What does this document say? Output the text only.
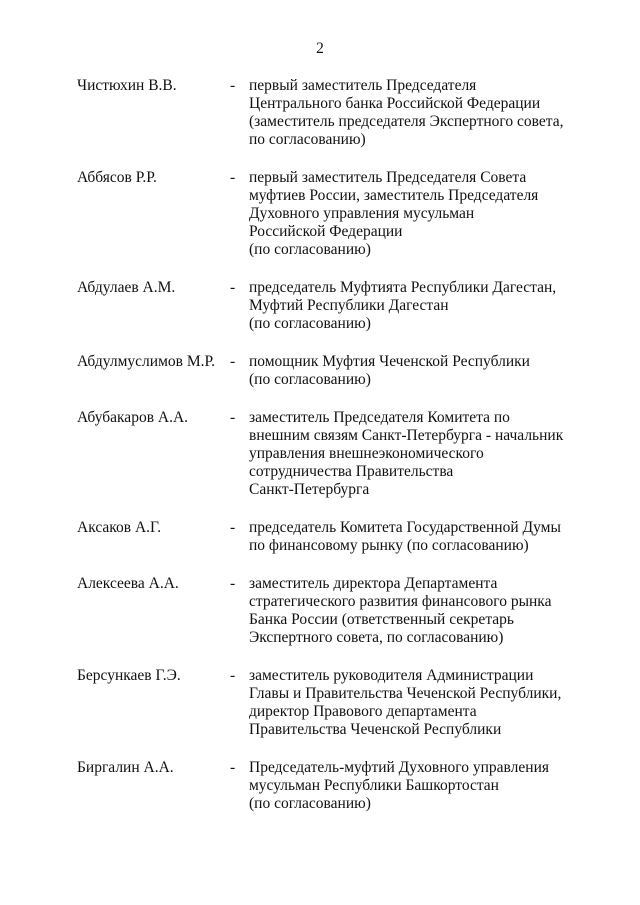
2
Чистюхин В.В.	- первый заместитель Председателя
Центрального банка Российской Федерации
(заместитель председателя Экспертного совета,
по согласованию)
Аббясов Р.Р.	- первый заместитель Председателя Совета
муфтиев России, заместитель Председателя
Духовного управления мусульман
Российской Федерации
(по согласованию)
Абдулаев А.М.	- председатель Муфтията Республики Дагестан,
Муфтий Республики Дагестан
(по согласованию)
Абдулмуслимов М.Р. - помощник Муфтия Чеченской Республики
(по согласованию)
Абубакаров А.А.	- заместитель Председателя Комитета по
внешним связям Санкт-Петербурга - начальник
управления внешнеэкономического
сотрудничества Правительства
Санкт-Петербурга
Аксаков А.Г.	- председатель Комитета Государственной Думы
по финансовому рынку (по согласованию)
Алексеева А.А.	- заместитель директора Департамента
стратегического развития финансового рынка
Банка России (ответственный секретарь
Экспертного совета, по согласованию)
Берсункаев Г.Э.	- заместитель руководителя Администрации
Главы и Правительства Чеченской Республики,
директор Правового департамента
Правительства Чеченской Республики
Биргалин А.А.	- Председатель-муфтий Духовного управления
мусульман Республики Башкортостан
(по согласованию)
